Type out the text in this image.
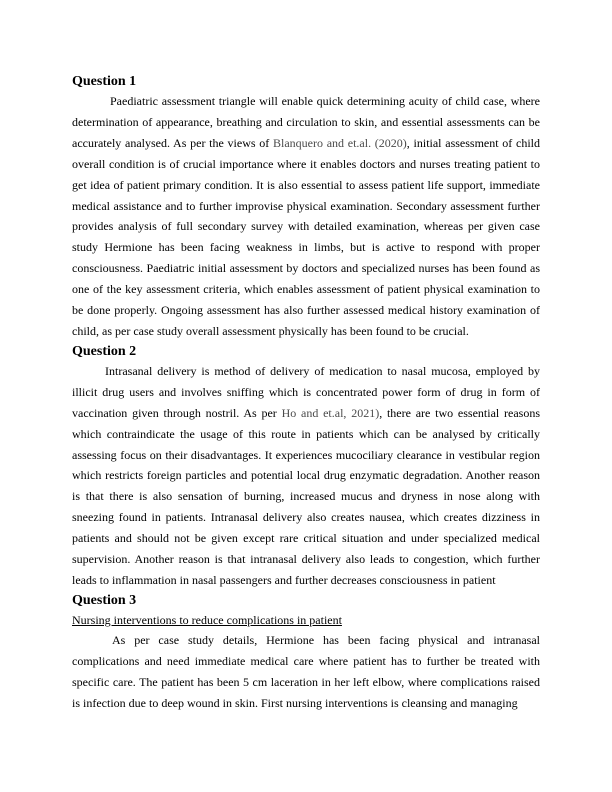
Question 1

Paediatric assessment triangle will enable quick determining acuity of child case, where determination of appearance, breathing and circulation to skin, and essential assessments can be accurately analysed. As per the views of Blanquero and et.al. (2020), initial assessment of child overall condition is of crucial importance where it enables doctors and nurses treating patient to get idea of patient primary condition. It is also essential to assess patient life support, immediate medical assistance and to further improvise physical examination. Secondary assessment further provides analysis of full secondary survey with detailed examination, whereas per given case study Hermione has been facing weakness in limbs, but is active to respond with proper consciousness. Paediatric initial assessment by doctors and specialized nurses has been found as one of the key assessment criteria, which enables assessment of patient physical examination to be done properly. Ongoing assessment has also further assessed medical history examination of child, as per case study overall assessment physically has been found to be crucial.

Question 2

Intrasanal delivery is method of delivery of medication to nasal mucosa, employed by illicit drug users and involves sniffing which is concentrated power form of drug in form of vaccination given through nostril. As per Ho and et.al, 2021), there are two essential reasons which contraindicate the usage of this route in patients which can be analysed by critically assessing focus on their disadvantages. It experiences mucociliary clearance in vestibular region which restricts foreign particles and potential local drug enzymatic degradation. Another reason is that there is also sensation of burning, increased mucus and dryness in nose along with sneezing found in patients. Intranasal delivery also creates nausea, which creates dizziness in patients and should not be given except rare critical situation and under specialized medical supervision. Another reason is that intranasal delivery also leads to congestion, which further leads to inflammation in nasal passengers and further decreases consciousness in patient

Question 3

Nursing interventions to reduce complications in patient

As per case study details, Hermione has been facing physical and intranasal complications and need immediate medical care where patient has to further be treated with specific care. The patient has been 5 cm laceration in her left elbow, where complications raised is infection due to deep wound in skin. First nursing interventions is cleansing and managing
